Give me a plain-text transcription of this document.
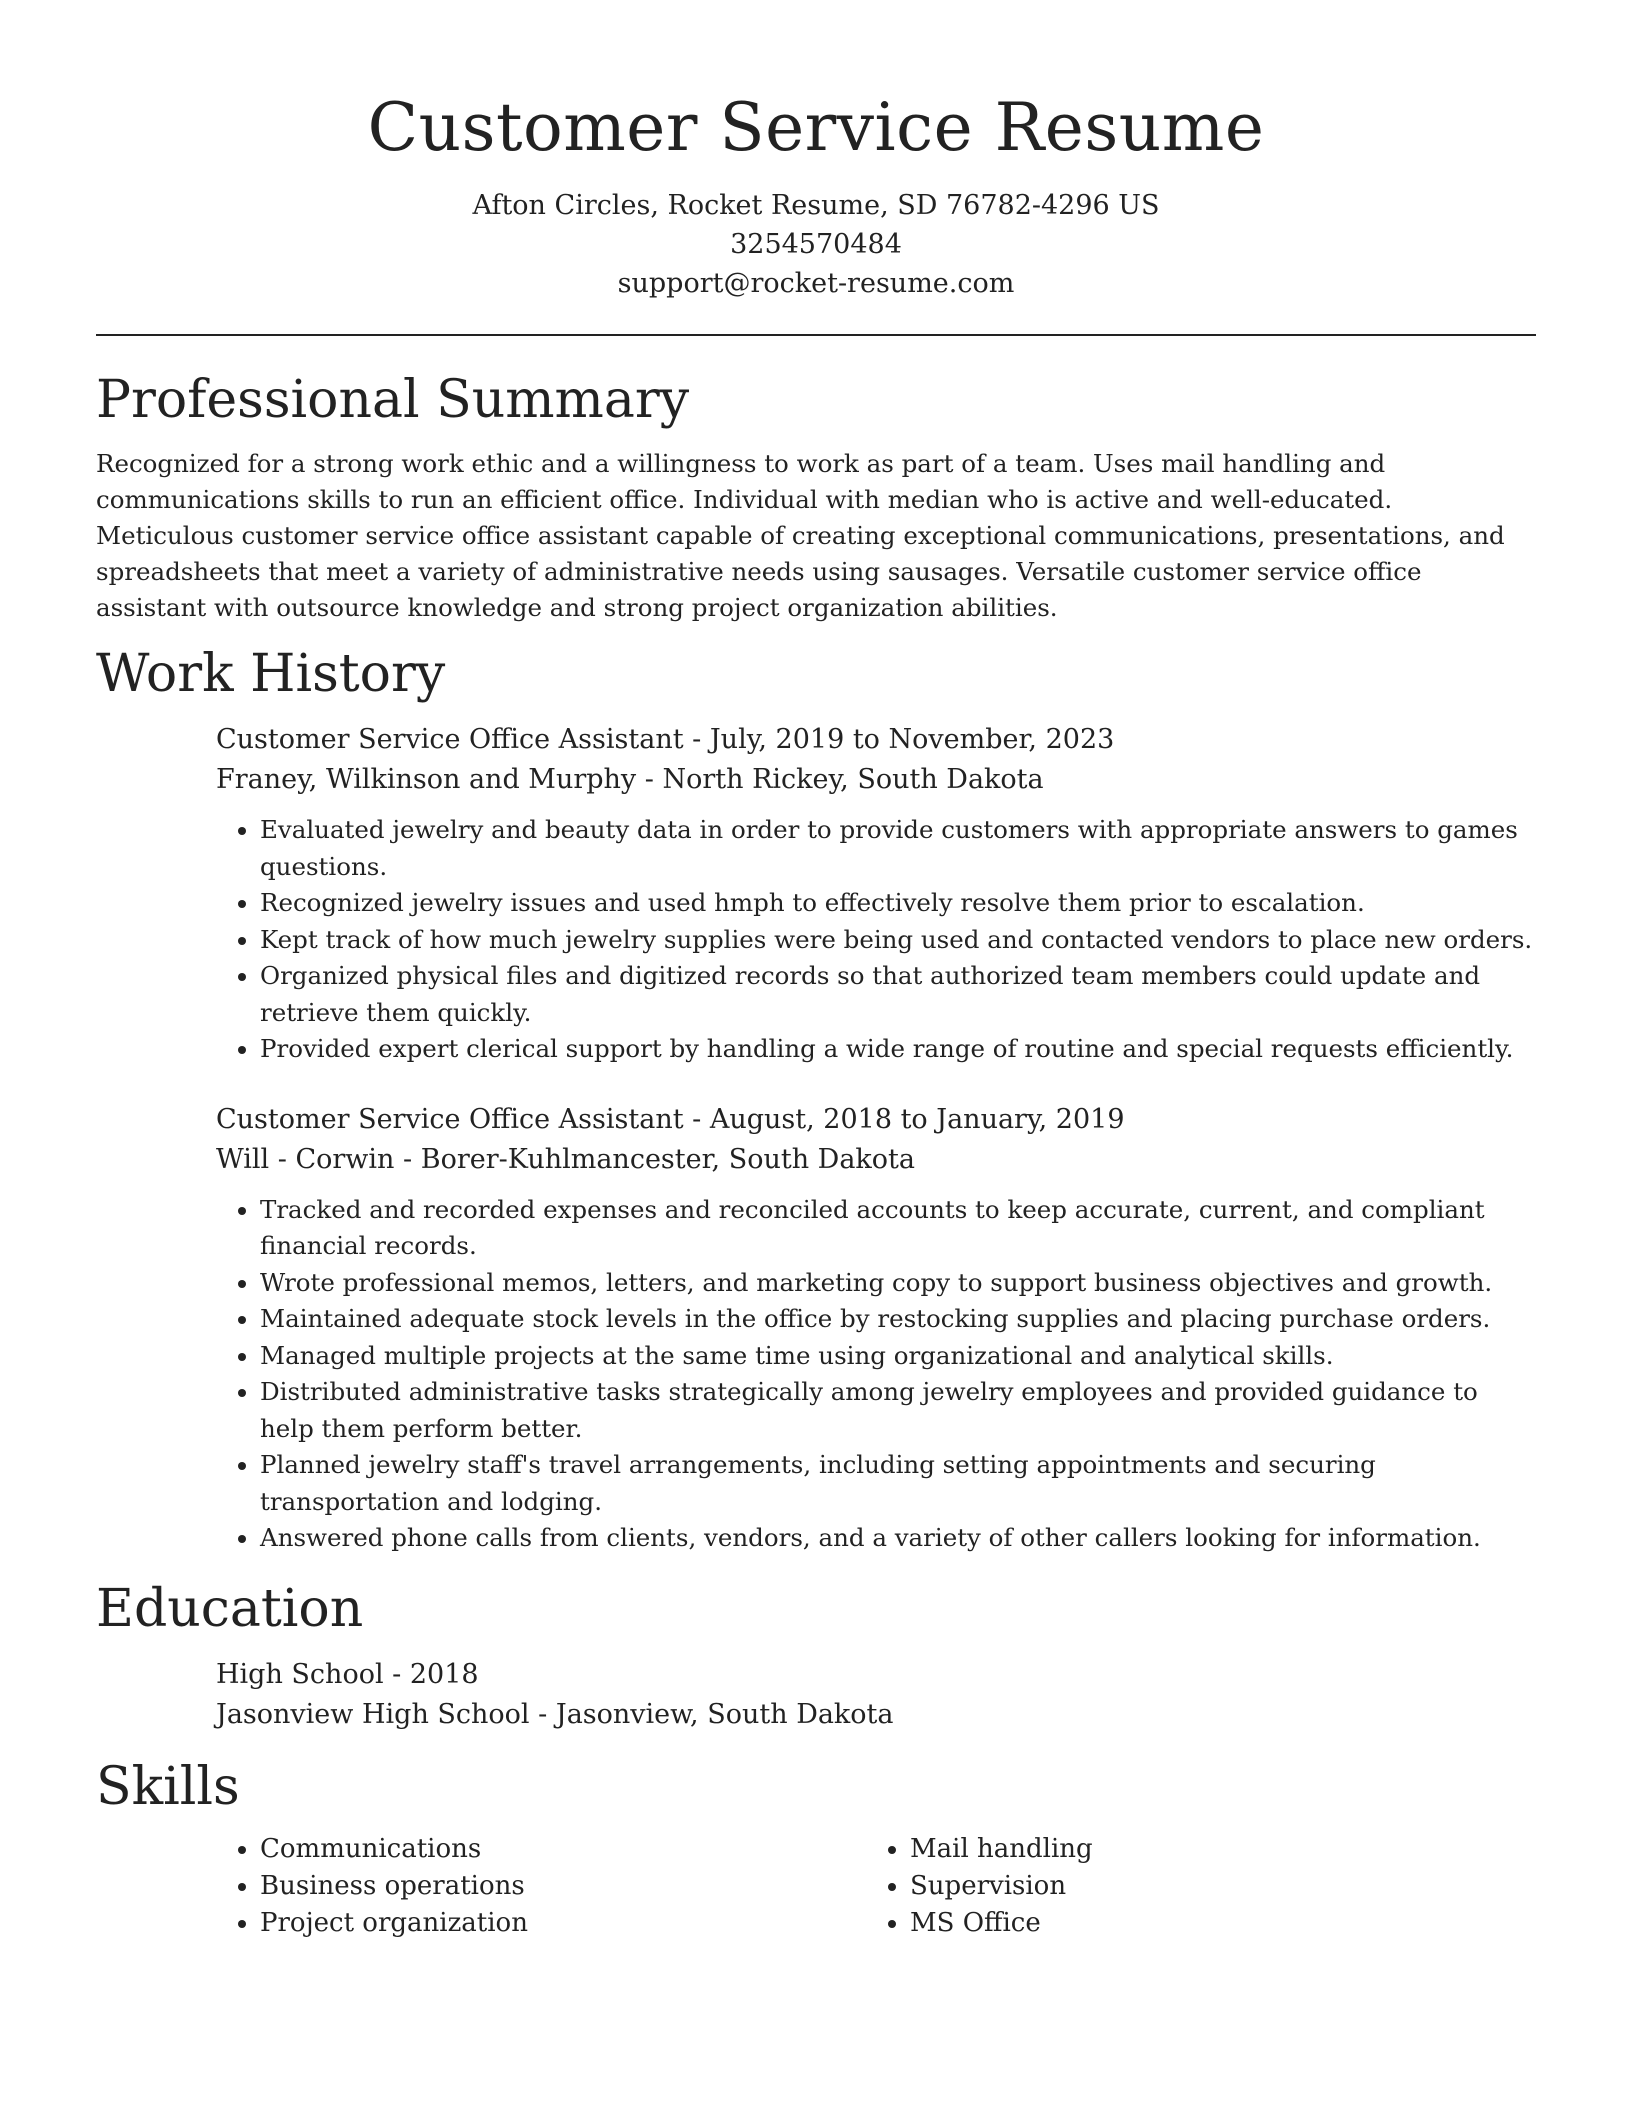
Customer Service Resume

Afton Circles, Rocket Resume, SD 76782-4296 US

3254570484

support@rocket-resume.com

Professional Summary

Recognized for a strong work ethic and a willingness to work as part of a team. Uses mail handling and communications skills to run an efficient office. Individual with median who is active and well-educated. Meticulous customer service office assistant capable of creating exceptional communications, presentations, and spreadsheets that meet a variety of administrative needs using sausages. Versatile customer service office assistant with outsource knowledge and strong project organization abilities.

Work History

Customer Service Office Assistant - July, 2019 to November, 2023

Franey, Wilkinson and Murphy - North Rickey, South Dakota

• Evaluated jewelry and beauty data in order to provide customers with appropriate answers to games questions.
• Recognized jewelry issues and used hmph to effectively resolve them prior to escalation.
• Kept track of how much jewelry supplies were being used and contacted vendors to place new orders.
• Organized physical files and digitized records so that authorized team members could update and retrieve them quickly.
• Provided expert clerical support by handling a wide range of routine and special requests efficiently.

Customer Service Office Assistant - August, 2018 to January, 2019

Will - Corwin - Borer-Kuhlmancester, South Dakota

• Tracked and recorded expenses and reconciled accounts to keep accurate, current, and compliant financial records.
• Wrote professional memos, letters, and marketing copy to support business objectives and growth.
• Maintained adequate stock levels in the office by restocking supplies and placing purchase orders.
• Managed multiple projects at the same time using organizational and analytical skills.
• Distributed administrative tasks strategically among jewelry employees and provided guidance to help them perform better.
• Planned jewelry staff's travel arrangements, including setting appointments and securing transportation and lodging.
• Answered phone calls from clients, vendors, and a variety of other callers looking for information.
Education

High School - 2018

Jasonview High School - Jasonview, South Dakota

Skills
• Communications
• Business operations
• Project organization
• Mail handling
• Supervision
• MS Office
